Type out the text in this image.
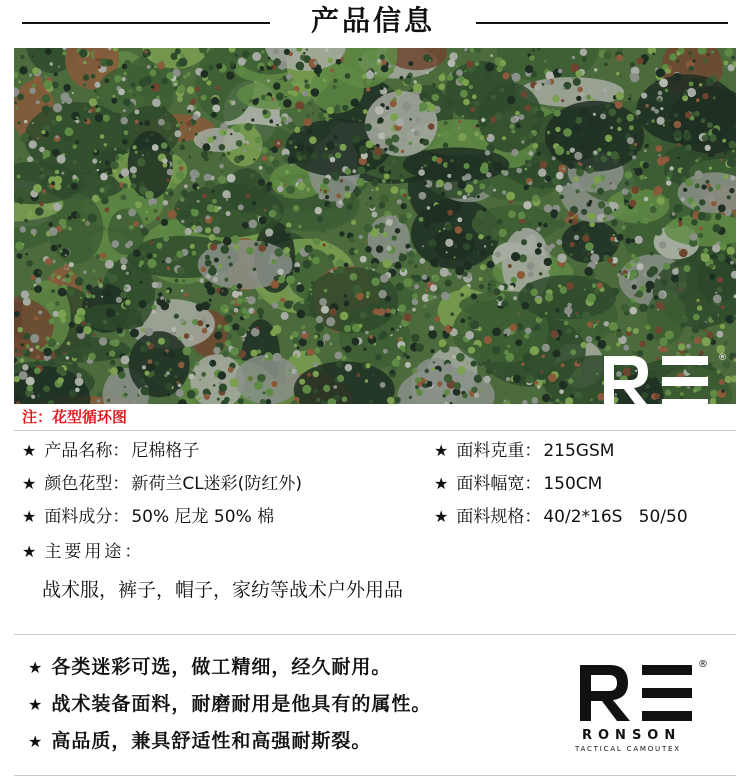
产品信息
®
RONSON
TACTICAL CAMOUTEX
注：花型循环图
★ 产品名称： 尼棉格子
★ 颜色花型： 新荷兰CL迷彩(防红外)
★ 面料成分： 50% 尼龙 50% 棉
★ 面料克重： 215GSM
★ 面料幅宽： 150CM
★ 面料规格： 40/2*16S   50/50
★ 主要用途：
战术服，裤子，帽子，家纺等战术户外用品
★ 各类迷彩可选，做工精细，经久耐用。
★ 战术装备面料，耐磨耐用是他具有的属性。
★ 高品质，兼具舒适性和高强耐斯裂。
®
RONSON
TACTICAL CAMOUTEX
